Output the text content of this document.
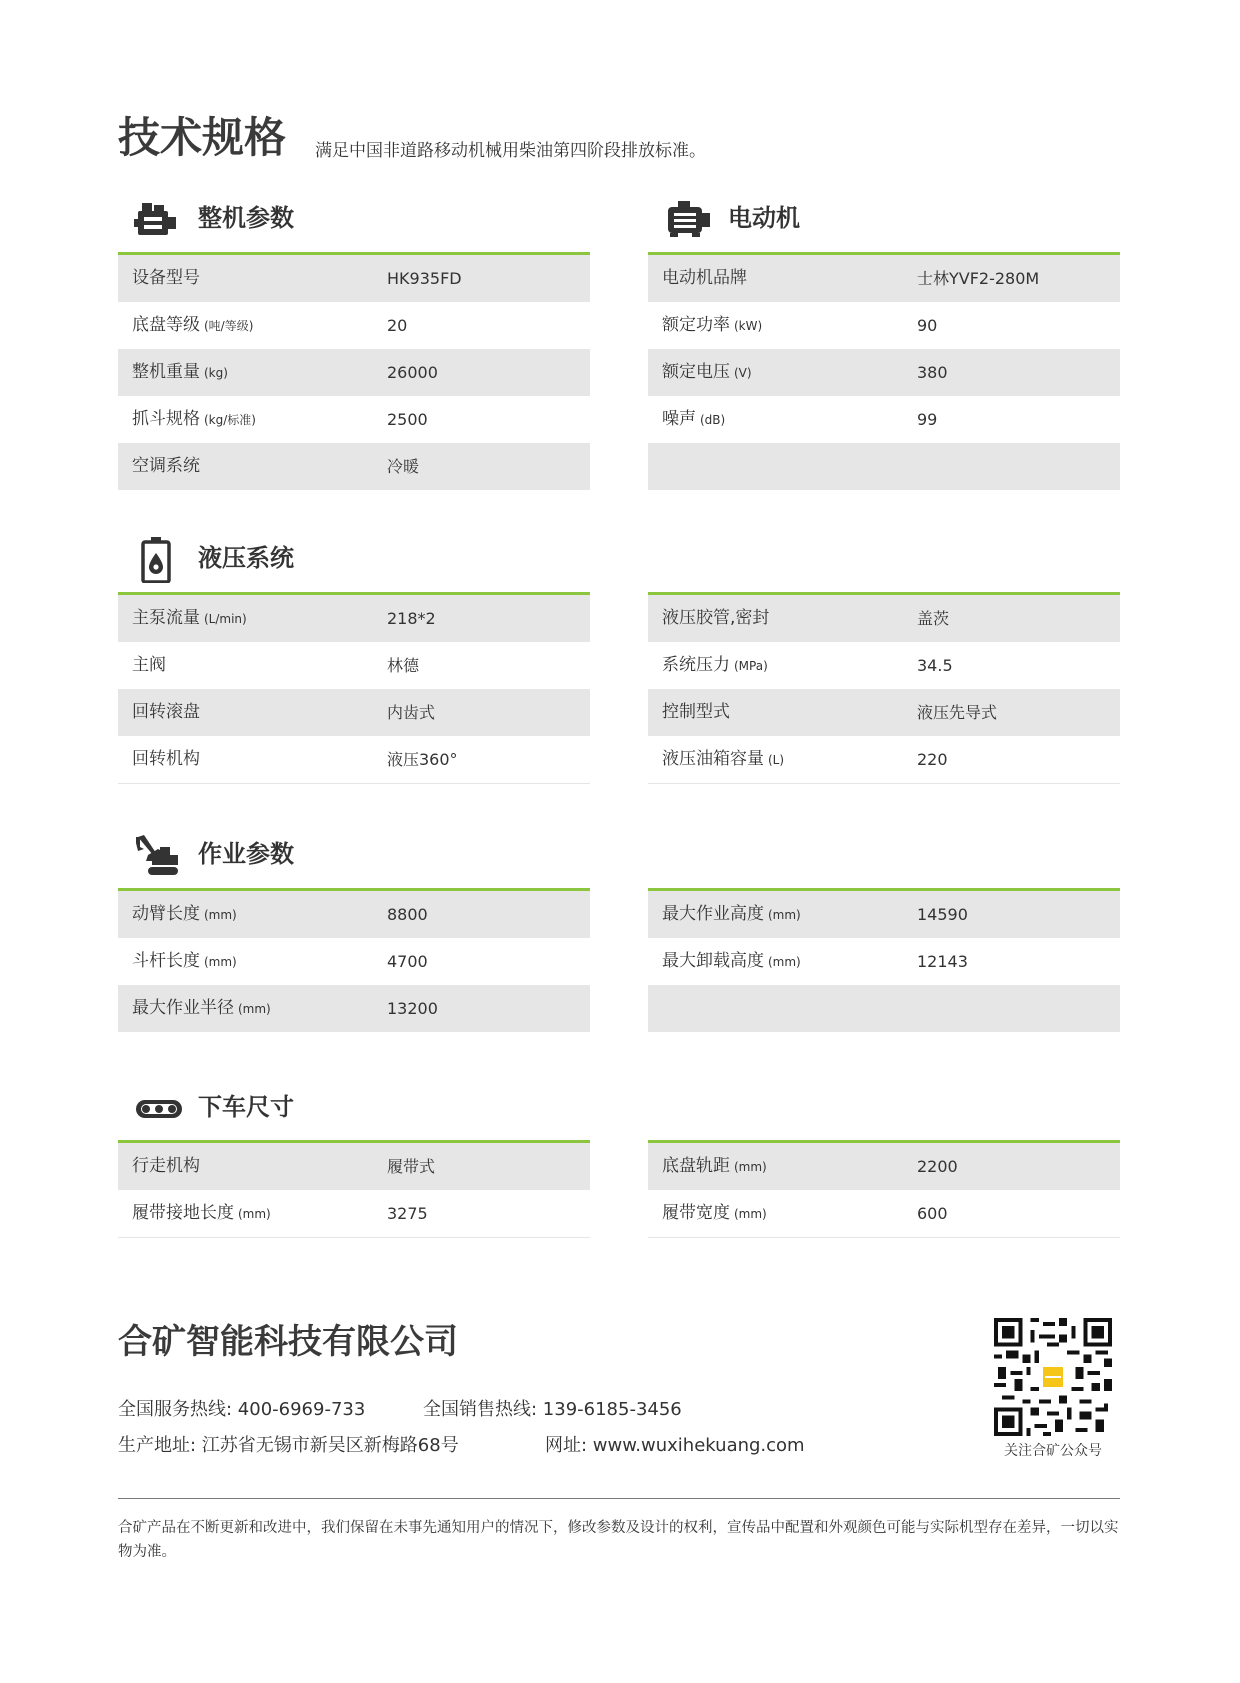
技术规格 满足中国非道路移动机械用柴油第四阶段排放标准。
整机参数
设备型号	HK935FD
底盘等级 (吨/等级)	20
整机重量 (kg)	26000
抓斗规格 (kg/标准)	2500
空调系统	冷暖
电动机
电动机品牌	士林YVF2-280M
额定功率 (kW)	90
额定电压 (V)	380
噪声 (dB)	99
液压系统
主泵流量 (L/min)	218*2
主阀	林德
回转滚盘	内齿式
回转机构	液压360°
液压胶管,密封	盖茨
系统压力 (MPa)	34.5
控制型式	液压先导式
液压油箱容量 (L)	220
作业参数
动臂长度 (mm)	8800
斗杆长度 (mm)	4700
最大作业半径 (mm)	13200
最大作业高度 (mm)	14590
最大卸载高度 (mm)	12143
下车尺寸
行走机构	履带式
履带接地长度 (mm)	3275
底盘轨距 (mm)	2200
履带宽度 (mm)	600
合矿智能科技有限公司
全国服务热线: 400-6969-733	全国销售热线: 139-6185-3456
生产地址: 江苏省无锡市新吴区新梅路68号	网址: www.wuxihekuang.com	关注合矿公众号
合矿产品在不断更新和改进中，我们保留在未事先通知用户的情况下，修改参数及设计的权利，宣传品中配置和外观颜色可能与实际机型存在差异，一切以实物为准。
